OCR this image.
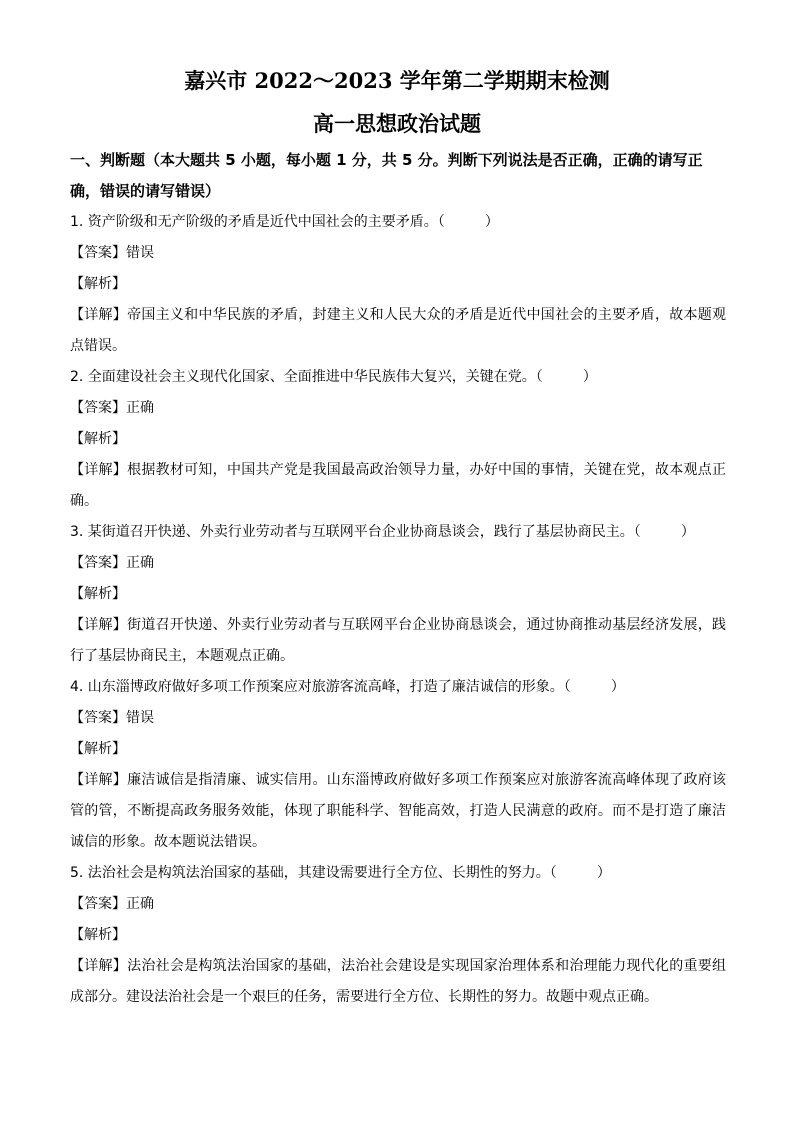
嘉兴市 2022～2023 学年第二学期期末检测
高一思想政治试题
一、判断题（本大题共 5 小题，每小题 1 分，共 5 分。判断下列说法是否正确，正确的请写正确，错误的请写错误）

1. 资产阶级和无产阶级的矛盾是近代中国社会的主要矛盾。（	）

【答案】错误

【解析】

【详解】帝国主义和中华民族的矛盾，封建主义和人民大众的矛盾是近代中国社会的主要矛盾，故本题观点错误。

2. 全面建设社会主义现代化国家、全面推进中华民族伟大复兴，关键在党。（	）

【答案】正确

【解析】

【详解】根据教材可知，中国共产党是我国最高政治领导力量，办好中国的事情，关键在党，故本观点正确。

3. 某街道召开快递、外卖行业劳动者与互联网平台企业协商恳谈会，践行了基层协商民主。（	）

【答案】正确

【解析】

【详解】街道召开快递、外卖行业劳动者与互联网平台企业协商恳谈会，通过协商推动基层经济发展，践行了基层协商民主，本题观点正确。

4. 山东淄博政府做好多项工作预案应对旅游客流高峰，打造了廉洁诚信的形象。（	）

【答案】错误

【解析】

【详解】廉洁诚信是指清廉、诚实信用。山东淄博政府做好多项工作预案应对旅游客流高峰体现了政府该管的管，不断提高政务服务效能，体现了职能科学、智能高效，打造人民满意的政府。而不是打造了廉洁诚信的形象。故本题说法错误。

5. 法治社会是构筑法治国家的基础，其建设需要进行全方位、长期性的努力。（	）

【答案】正确

【解析】

【详解】法治社会是构筑法治国家的基础，法治社会建设是实现国家治理体系和治理能力现代化的重要组成部分。建设法治社会是一个艰巨的任务，需要进行全方位、长期性的努力。故题中观点正确。
